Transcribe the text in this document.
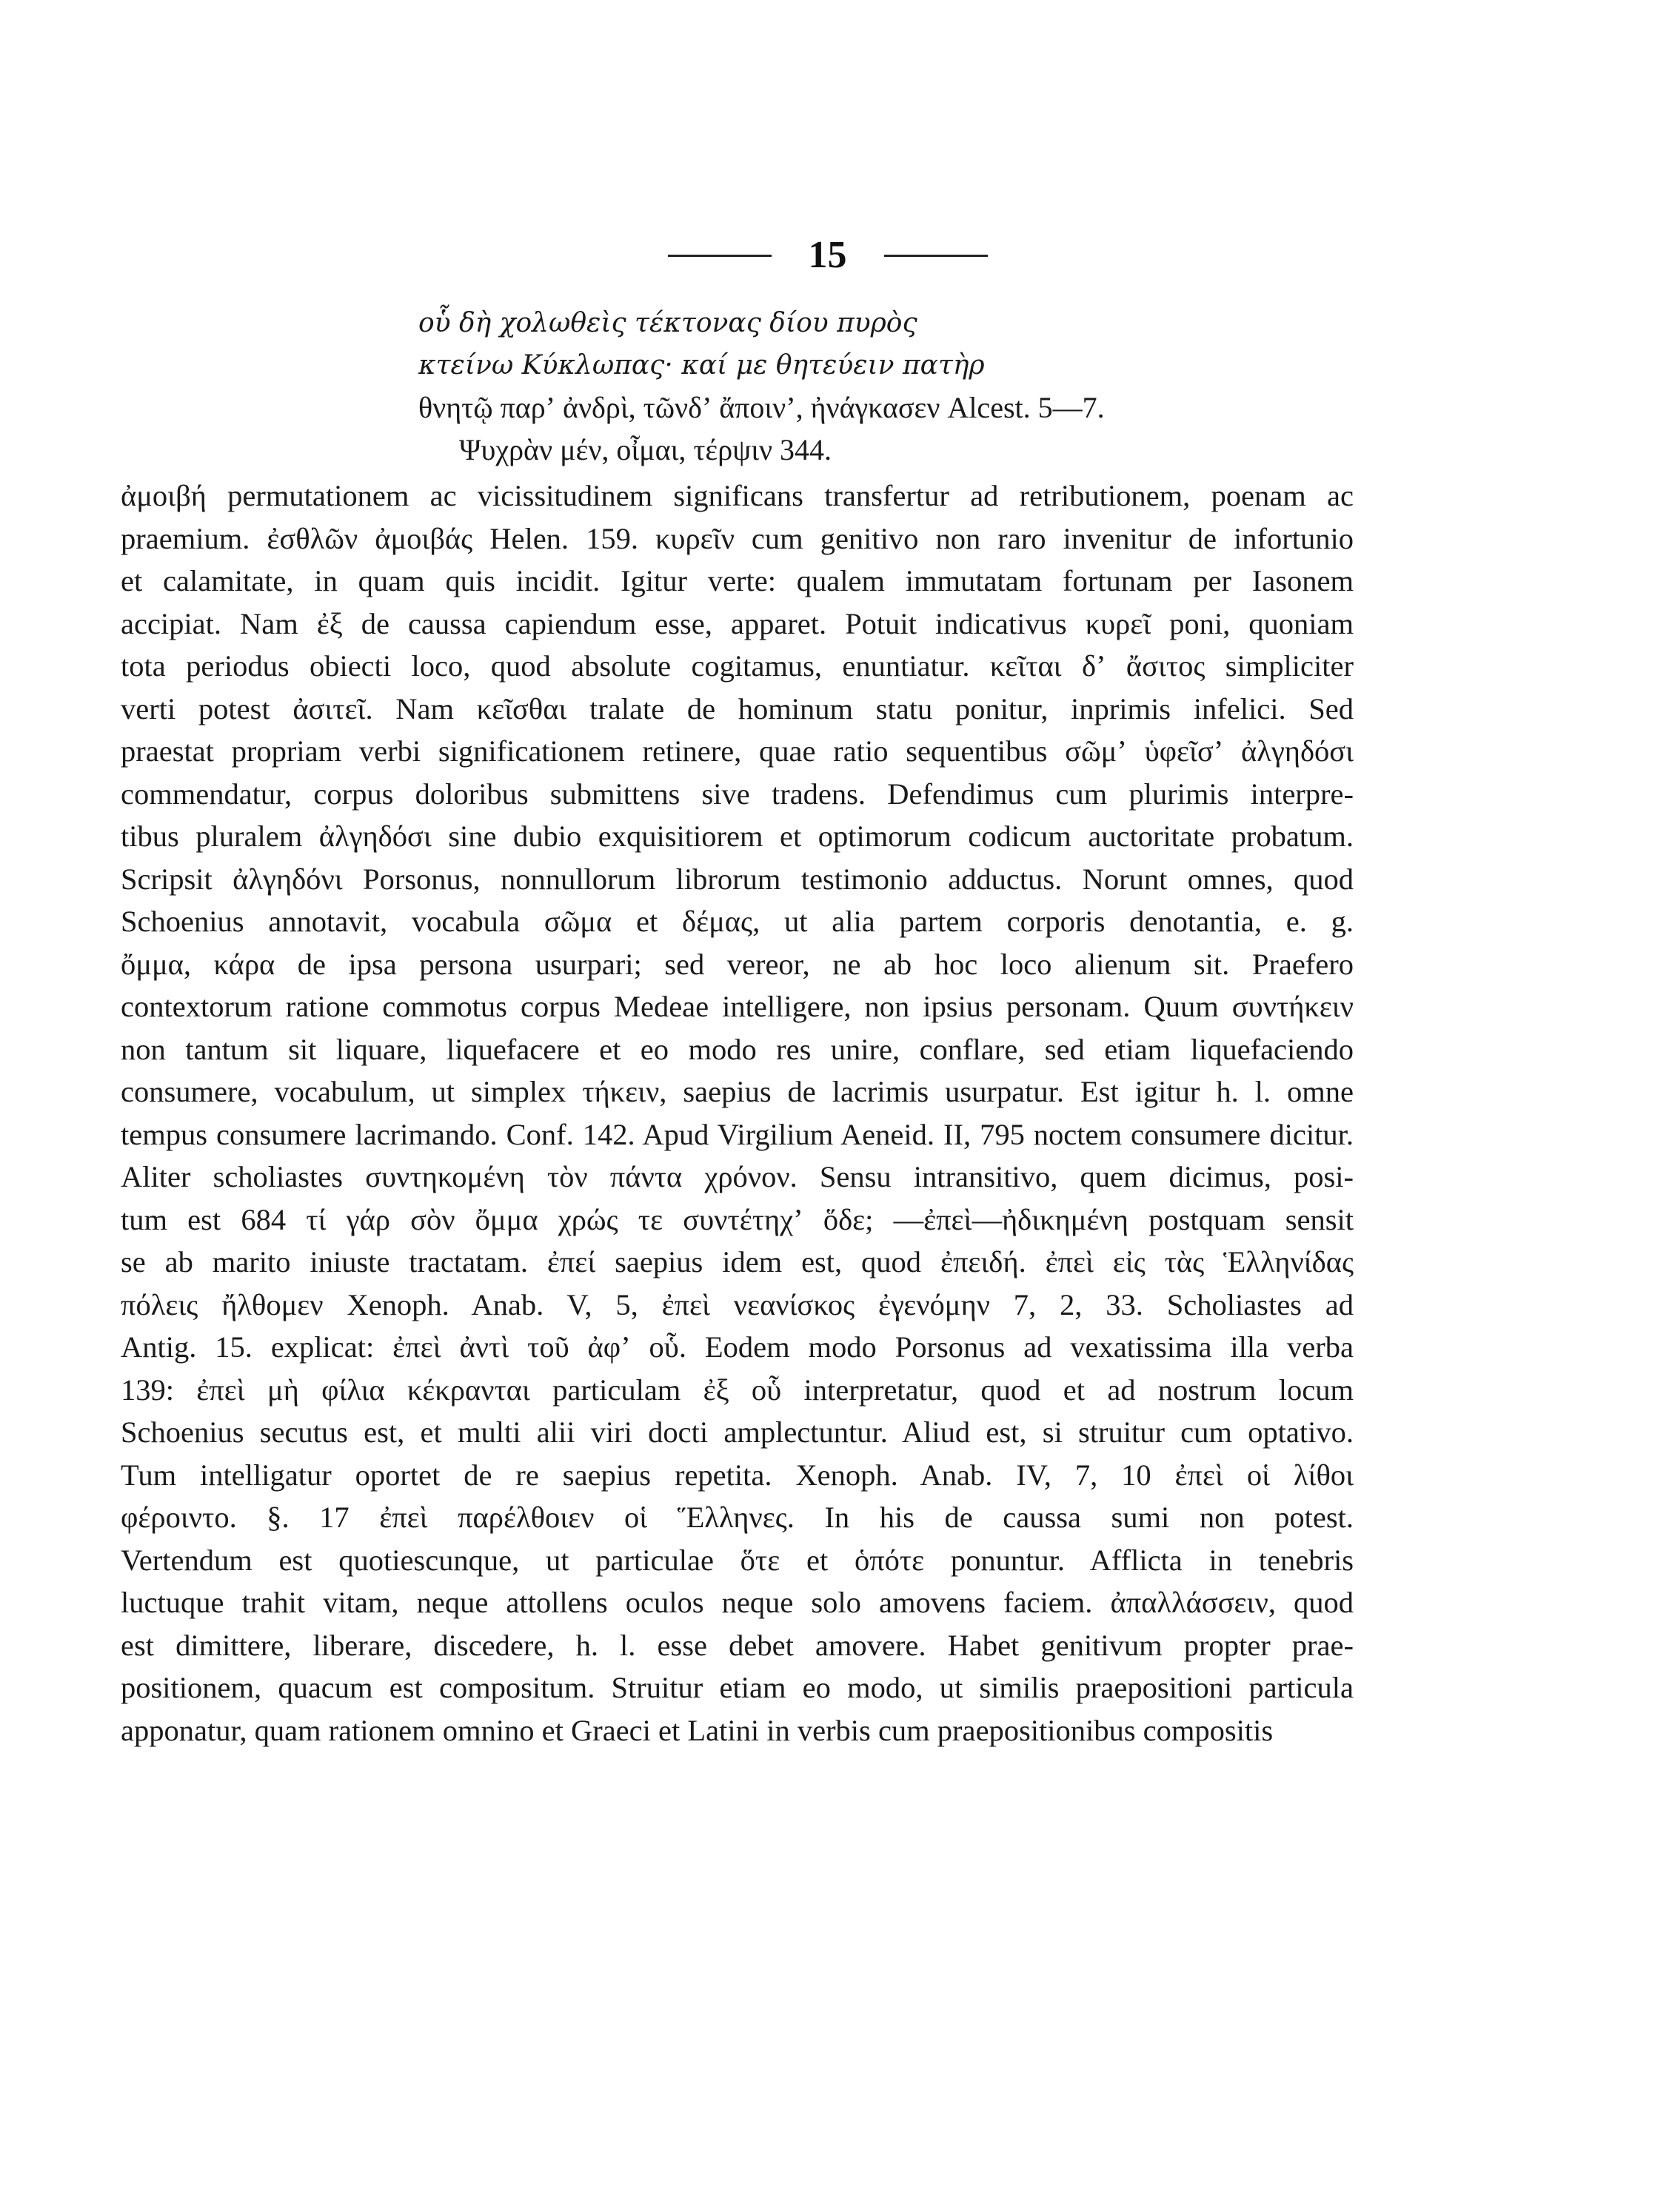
15
οὗ δὴ χολωθεὶς τέκτονας δίου πυρὸς
κτείνω Κύκλωπας· καί με θητεύειν πατὴρ
θνητῷ παρʼ ἀνδρὶ, τῶνδʼ ἄποινʼ, ἠνάγκασεν Alcest. 5—7.
Ψυχρὰν μέν, οἶμαι, τέρψιν 344.
ἀμοιβή permutationem ac vicissitudinem significans transfertur ad retributionem, poenam ac
praemium. ἐσθλῶν ἀμοιβάς Helen. 159. κυρεῖν cum genitivo non raro invenitur de infortunio
et calamitate, in quam quis incidit. Igitur verte: qualem immutatam fortunam per Iasonem
accipiat. Nam ἐξ de caussa capiendum esse, apparet. Potuit indicativus κυρεῖ poni, quoniam
tota periodus obiecti loco, quod absolute cogitamus, enuntiatur. κεῖται δʼ ἄσιτος simpliciter
verti potest ἀσιτεῖ. Nam κεῖσθαι tralate de hominum statu ponitur, inprimis infelici. Sed
praestat propriam verbi significationem retinere, quae ratio sequentibus σῶμʼ ὑφεῖσʼ ἀλγηδόσι
commendatur, corpus doloribus submittens sive tradens. Defendimus cum plurimis interpre-
tibus pluralem ἀλγηδόσι sine dubio exquisitiorem et optimorum codicum auctoritate probatum.
Scripsit ἀλγηδόνι Porsonus, nonnullorum librorum testimonio adductus. Norunt omnes, quod
Schoenius annotavit, vocabula σῶμα et δέμας, ut alia partem corporis denotantia, e. g.
ὄμμα, κάρα de ipsa persona usurpari; sed vereor, ne ab hoc loco alienum sit. Praefero
contextorum ratione commotus corpus Medeae intelligere, non ipsius personam. Quum συντήκειν
non tantum sit liquare, liquefacere et eo modo res unire, conflare, sed etiam liquefaciendo
consumere, vocabulum, ut simplex τήκειν, saepius de lacrimis usurpatur. Est igitur h. l. omne
tempus consumere lacrimando. Conf. 142. Apud Virgilium Aeneid. II, 795 noctem consumere dicitur.
Aliter scholiastes συντηκομένη τὸν πάντα χρόνον. Sensu intransitivo, quem dicimus, posi-
tum est 684 τί γάρ σὸν ὄμμα χρώς τε συντέτηχʼ ὅδε; —ἐπεὶ—ἠδικημένη postquam sensit
se ab marito iniuste tractatam. ἐπεί saepius idem est, quod ἐπειδή. ἐπεὶ εἰς τὰς Ἑλληνίδας
πόλεις ἤλθομεν Xenoph. Anab. V, 5, ἐπεὶ νεανίσκος ἐγενόμην 7, 2, 33. Scholiastes ad
Antig. 15. explicat: ἐπεὶ ἀντὶ τοῦ ἀφʼ οὗ. Eodem modo Porsonus ad vexatissima illa verba
139: ἐπεὶ μὴ φίλια κέκρανται particulam ἐξ οὗ interpretatur, quod et ad nostrum locum
Schoenius secutus est, et multi alii viri docti amplectuntur. Aliud est, si struitur cum optativo.
Tum intelligatur oportet de re saepius repetita. Xenoph. Anab. IV, 7, 10 ἐπεὶ οἱ λίθοι
φέροιντο. §. 17 ἐπεὶ παρέλθοιεν οἱ Ἕλληνες. In his de caussa sumi non potest.
Vertendum est quotiescunque, ut particulae ὅτε et ὁπότε ponuntur. Afflicta in tenebris
luctuque trahit vitam, neque attollens oculos neque solo amovens faciem. ἀπαλλάσσειν, quod
est dimittere, liberare, discedere, h. l. esse debet amovere. Habet genitivum propter prae-
positionem, quacum est compositum. Struitur etiam eo modo, ut similis praepositioni particula
apponatur, quam rationem omnino et Graeci et Latini in verbis cum praepositionibus compositis
